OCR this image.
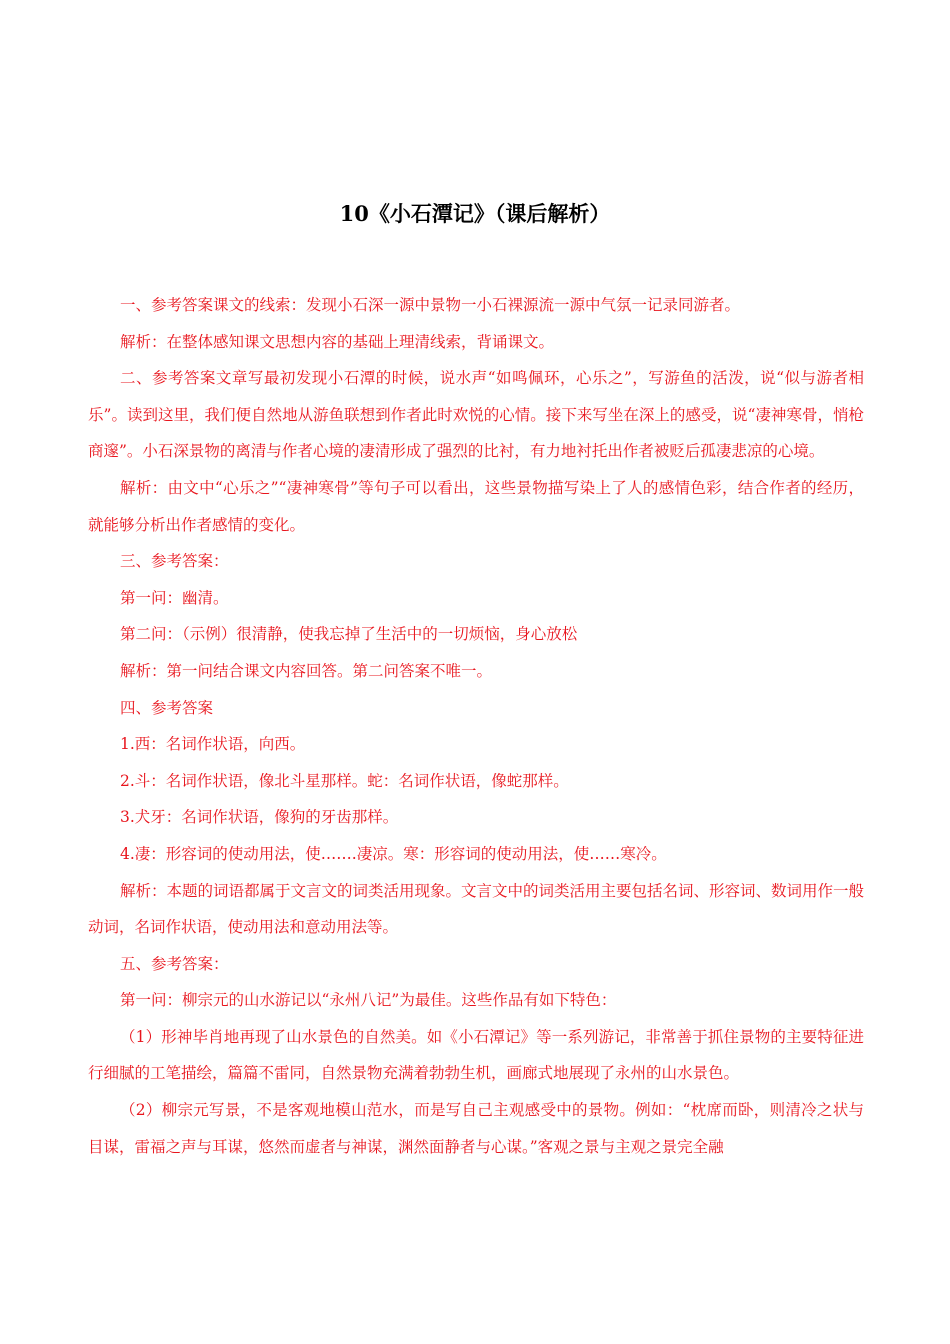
10《小石潭记》（课后解析）

一、参考答案课文的线索：发现小石深一源中景物一小石裸源流一源中气氛一记录同游者。

解析：在整体感知课文思想内容的基础上理清线索，背诵课文。

二、参考答案文章写最初发现小石潭的时候，说水声“如鸣佩环，心乐之”，写游鱼的活泼，说“似与游者相乐”。读到这里，我们便自然地从游鱼联想到作者此时欢悦的心情。接下来写坐在深上的感受，说“凄神寒骨，悄枪商邃”。小石深景物的离清与作者心境的凄清形成了强烈的比衬，有力地衬托出作者被贬后孤凄悲凉的心境。

解析：由文中“心乐之”“凄神寒骨”等句子可以看出，这些景物描写染上了人的感情色彩，结合作者的经历，就能够分析出作者感情的变化。

三、参考答案：

第一问：幽清。

第二问：（示例）很清静，使我忘掉了生活中的一切烦恼，身心放松

解析：第一问结合课文内容回答。第二问答案不唯一。

四、参考答案

1.西：名词作状语，向西。

2.斗：名词作状语，像北斗星那样。蛇：名词作状语，像蛇那样。

3.犬牙：名词作状语，像狗的牙齿那样。

4.凄：形容词的使动用法，使…….凄凉。寒：形容词的使动用法，使……寒冷。

解析：本题的词语都属于文言文的词类活用现象。文言文中的词类活用主要包括名词、形容词、数词用作一般动词，名词作状语，使动用法和意动用法等。

五、参考答案：

第一问：柳宗元的山水游记以“永州八记”为最佳。这些作品有如下特色：

（1）形神毕肖地再现了山水景色的自然美。如《小石潭记》等一系列游记，非常善于抓住景物的主要特征进行细腻的工笔描绘，篇篇不雷同，自然景物充满着勃勃生机，画廊式地展现了永州的山水景色。

（2）柳宗元写景，不是客观地模山范水，而是写自己主观感受中的景物。例如：“枕席而卧，则清冷之状与目谋，雷福之声与耳谋，悠然而虚者与神谋，渊然面静者与心谋。”客观之景与主观之景完全融
